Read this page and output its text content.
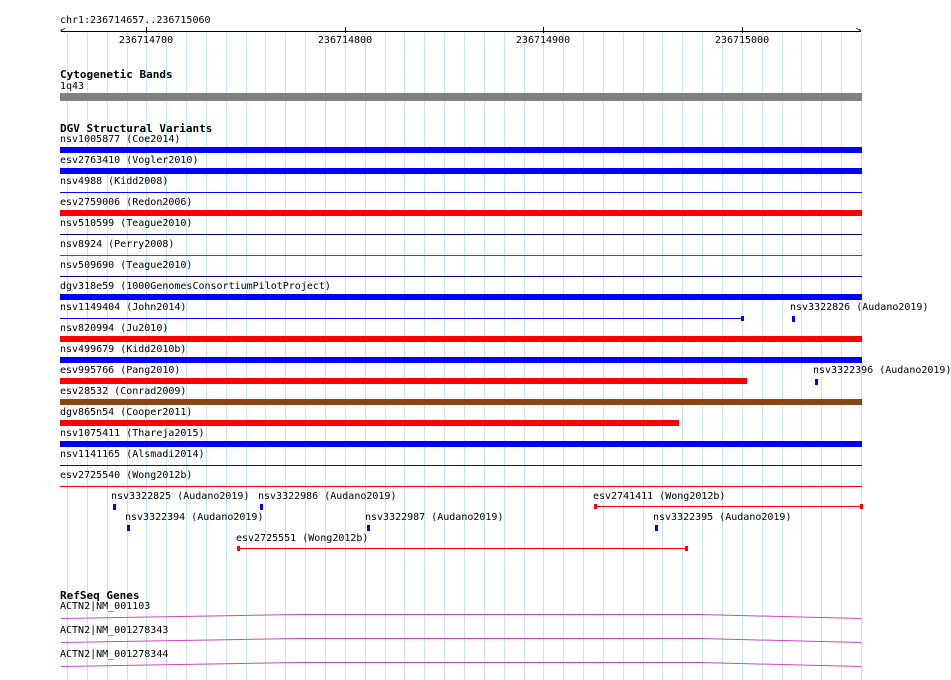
chr1:236714657..236715060
<	>
236714700	236714800	236714900	236715000
Cytogenetic Bands
1q43
DGV Structural Variants
nsv1005877 (Coe2014)
esv2763410 (Vogler2010)
nsv4988 (Kidd2008)
esv2759006 (Redon2006)
nsv510599 (Teague2010)
nsv8924 (Perry2008)
nsv509690 (Teague2010)
dgv318e59 (1000GenomesConsortiumPilotProject)
nsv1149404 (John2014)	nsv3322826 (Audano2019)
nsv820994 (Ju2010)
nsv499679 (Kidd2010b)
esv995766 (Pang2010)	nsv3322396 (Audano2019)
esv28532 (Conrad2009)
dgv865n54 (Cooper2011)
nsv1075411 (Thareja2015)
nsv1141165 (Alsmadi2014)
esv2725540 (Wong2012b)
nsv3322825 (Audano2019) nsv3322986 (Audano2019)	esv2741411 (Wong2012b)
nsv3322394 (Audano2019)	nsv3322987 (Audano2019)	nsv3322395 (Audano2019)
esv2725551 (Wong2012b)
RefSeq Genes
ACTN2|NM_001103
ACTN2|NM_001278343
ACTN2|NM_001278344
